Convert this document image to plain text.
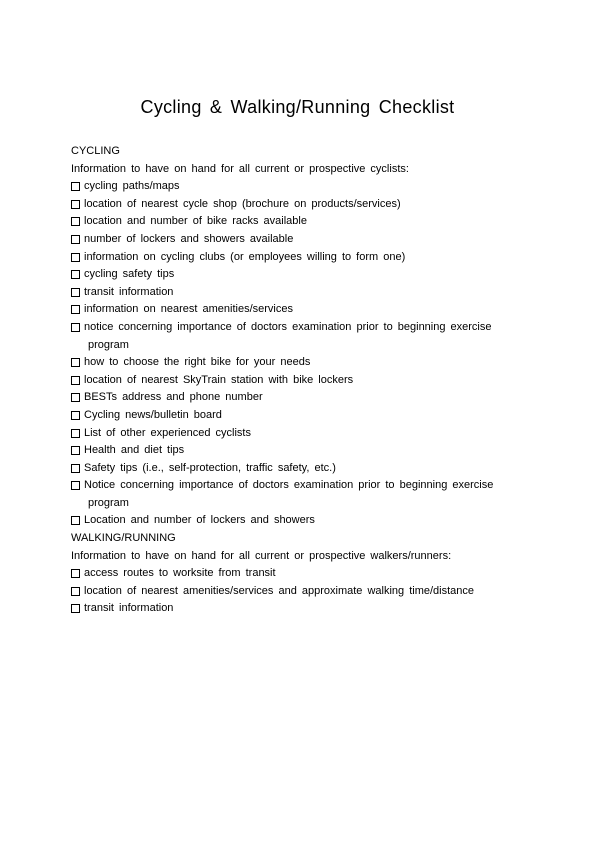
Cycling & Walking/Running Checklist
CYCLING
Information to have on hand for all current or prospective cyclists:
cycling paths/maps
location of nearest cycle shop (brochure on products/services)
location and number of bike racks available
number of lockers and showers available
information on cycling clubs (or employees willing to form one)
cycling safety tips
transit information
information on nearest amenities/services
notice concerning importance of doctors examination prior to beginning exercise
program
how to choose the right bike for your needs
location of nearest SkyTrain station with bike lockers
BESTs address and phone number
Cycling news/bulletin board
List of other experienced cyclists
Health and diet tips
Safety tips (i.e., self-protection, traffic safety, etc.)
Notice concerning importance of doctors examination prior to beginning exercise
program
Location and number of lockers and showers
WALKING/RUNNING
Information to have on hand for all current or prospective walkers/runners:
access routes to worksite from transit
location of nearest amenities/services and approximate walking time/distance
transit information
